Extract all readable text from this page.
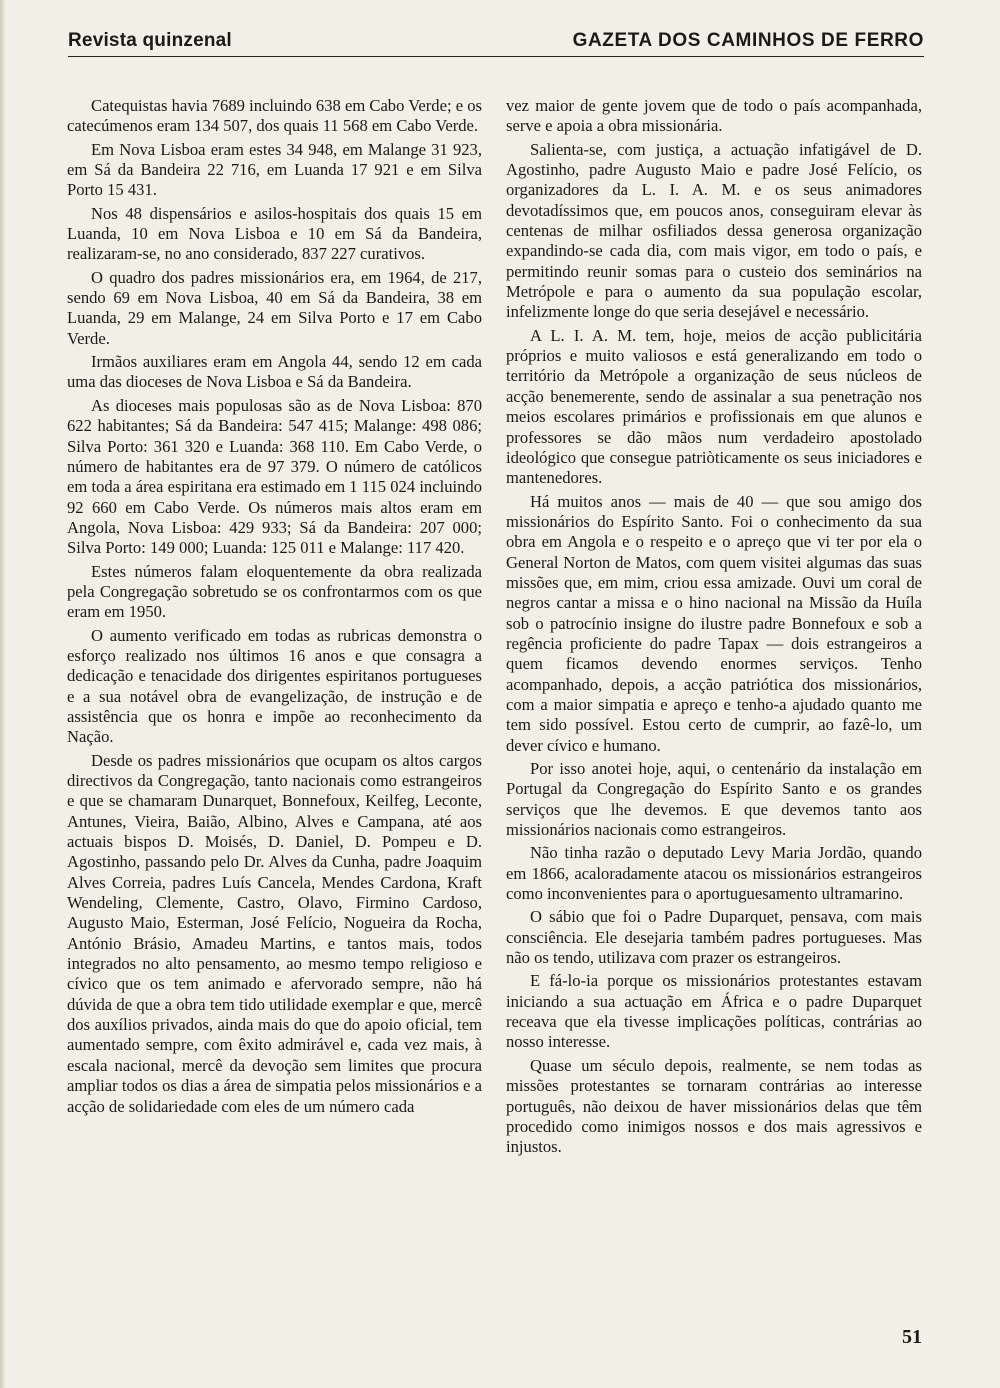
Revista quinzenal	GAZETA DOS CAMINHOS DE FERRO

Catequistas havia 7689 incluindo 638 em Cabo Verde; e os catecúmenos eram 134 507, dos quais 11 568 em Cabo Verde.

Em Nova Lisboa eram estes 34 948, em Malange 31 923, em Sá da Bandeira 22 716, em Luanda 17 921 e em Silva Porto 15 431.

Nos 48 dispensários e asilos-hospitais dos quais 15 em Luanda, 10 em Nova Lisboa e 10 em Sá da Bandeira, realizaram-se, no ano considerado, 837 227 curativos.

O quadro dos padres missionários era, em 1964, de 217, sendo 69 em Nova Lisboa, 40 em Sá da Bandeira, 38 em Luanda, 29 em Malange, 24 em Silva Porto e 17 em Cabo Verde.

Irmãos auxiliares eram em Angola 44, sendo 12 em cada uma das dioceses de Nova Lisboa e Sá da Bandeira.

As dioceses mais populosas são as de Nova Lisboa: 870 622 habitantes; Sá da Bandeira: 547 415; Malange: 498 086; Silva Porto: 361 320 e Luanda: 368 110. Em Cabo Verde, o número de habitantes era de 97 379. O número de católicos em toda a área espiritana era estimado em 1 115 024 incluindo 92 660 em Cabo Verde. Os números mais altos eram em Angola, Nova Lisboa: 429 933; Sá da Bandeira: 207 000; Silva Porto: 149 000; Luanda: 125 011 e Malange: 117 420.

Estes números falam eloquentemente da obra realizada pela Congregação sobretudo se os confrontarmos com os que eram em 1950.

O aumento verificado em todas as rubricas demonstra o esforço realizado nos últimos 16 anos e que consagra a dedicação e tenacidade dos dirigentes espiritanos portugueses e a sua notável obra de evangelização, de instrução e de assistência que os honra e impõe ao reconhecimento da Nação.

Desde os padres missionários que ocupam os altos cargos directivos da Congregação, tanto nacionais como estrangeiros e que se chamaram Dunarquet, Bonnefoux, Keilfeg, Leconte, Antunes, Vieira, Baião, Albino, Alves e Campana, até aos actuais bispos D. Moisés, D. Daniel, D. Pompeu e D. Agostinho, passando pelo Dr. Alves da Cunha, padre Joaquim Alves Correia, padres Luís Cancela, Mendes Cardona, Kraft Wendeling, Clemente, Castro, Olavo, Firmino Cardoso, Augusto Maio, Esterman, José Felício, Nogueira da Rocha, António Brásio, Amadeu Martins, e tantos mais, todos integrados no alto pensamento, ao mesmo tempo religioso e cívico que os tem animado e afervorado sempre, não há dúvida de que a obra tem tido utilidade exemplar e que, mercê dos auxílios privados, ainda mais do que do apoio oficial, tem aumentado sempre, com êxito admirável e, cada vez mais, à escala nacional, mercê da devoção sem limites que procura ampliar todos os dias a área de simpatia pelos missionários e a acção de solidariedade com eles de um número cada

vez maior de gente jovem que de todo o país acompanhada, serve e apoia a obra missionária.

Salienta-se, com justiça, a actuação infatigável de D. Agostinho, padre Augusto Maio e padre José Felício, os organizadores da L. I. A. M. e os seus animadores devotadíssimos que, em poucos anos, conseguiram elevar às centenas de milhar osfiliados dessa generosa organização expandindo-se cada dia, com mais vigor, em todo o país, e permitindo reunir somas para o custeio dos seminários na Metrópole e para o aumento da sua população escolar, infelizmente longe do que seria desejável e necessário.

A L. I. A. M. tem, hoje, meios de acção publicitária próprios e muito valiosos e está generalizando em todo o território da Metrópole a organização de seus núcleos de acção benemerente, sendo de assinalar a sua penetração nos meios escolares primários e profissionais em que alunos e professores se dão mãos num verdadeiro apostolado ideológico que consegue patriòticamente os seus iniciadores e mantenedores.

Há muitos anos — mais de 40 — que sou amigo dos missionários do Espírito Santo. Foi o conhecimento da sua obra em Angola e o respeito e o apreço que vi ter por ela o General Norton de Matos, com quem visitei algumas das suas missões que, em mim, criou essa amizade. Ouvi um coral de negros cantar a missa e o hino nacional na Missão da Huíla sob o patrocínio insigne do ilustre padre Bonnefoux e sob a regência proficiente do padre Tapax — dois estrangeiros a quem ficamos devendo enormes serviços. Tenho acompanhado, depois, a acção patriótica dos missionários, com a maior simpatia e apreço e tenho-a ajudado quanto me tem sido possível. Estou certo de cumprir, ao fazê-lo, um dever cívico e humano.

Por isso anotei hoje, aqui, o centenário da instalação em Portugal da Congregação do Espírito Santo e os grandes serviços que lhe devemos. E que devemos tanto aos missionários nacionais como estrangeiros.

Não tinha razão o deputado Levy Maria Jordão, quando em 1866, acaloradamente atacou os missionários estrangeiros como inconvenientes para o aportuguesamento ultramarino.

O sábio que foi o Padre Duparquet, pensava, com mais consciência. Ele desejaria também padres portugueses. Mas não os tendo, utilizava com prazer os estrangeiros.

E fá-lo-ia porque os missionários protestantes estavam iniciando a sua actuação em África e o padre Duparquet receava que ela tivesse implicações políticas, contrárias ao nosso interesse.

Quase um século depois, realmente, se nem todas as missões protestantes se tornaram contrárias ao interesse português, não deixou de haver missionários delas que têm procedido como inimigos nossos e dos mais agressivos e injustos.

51
